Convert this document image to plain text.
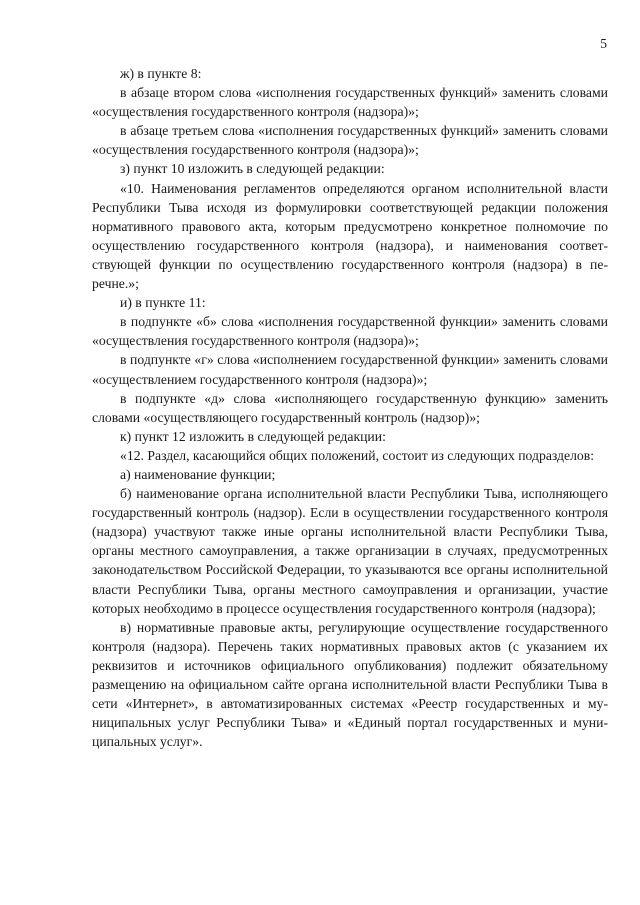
5

ж) в пункте 8:

в абзаце втором слова «исполнения государственных функций» заменить словами «осуществления государственного контроля (надзора)»;

в абзаце третьем слова «исполнения государственных функций» заменить словами «осуществления государственного контроля (надзора)»;

з) пункт 10 изложить в следующей редакции:

«10. Наименования регламентов определяются органом исполнительной власти Республики Тыва исходя из формулировки соответствующей редакции положения нормативного правового акта, которым предусмотрено конкретное полномочие по осуществлению государственного контроля (надзора), и наименования соответствующей функции по осуществлению государственного контроля (надзора) в перечне.»;

и) в пункте 11:

в подпункте «б» слова «исполнения государственной функции» заменить словами «осуществления государственного контроля (надзора)»;

в подпункте «г» слова «исполнением государственной функции» заменить словами «осуществлением государственного контроля (надзора)»;

в подпункте «д» слова «исполняющего государственную функцию» заменить словами «осуществляющего государственный контроль (надзор)»;

к) пункт 12 изложить в следующей редакции:

«12. Раздел, касающийся общих положений, состоит из следующих подразделов:

а) наименование функции;

б) наименование органа исполнительной власти Республики Тыва, исполняющего государственный контроль (надзор). Если в осуществлении государственного контроля (надзора) участвуют также иные органы исполнительной власти Республики Тыва, органы местного самоуправления, а также организации в случаях, предусмотренных законодательством Российской Федерации, то указываются все органы исполнительной власти Республики Тыва, органы местного самоуправления и организации, участие которых необходимо в процессе осуществления государственного контроля (надзора);

в) нормативные правовые акты, регулирующие осуществление государственного контроля (надзора). Перечень таких нормативных правовых актов (с указанием их реквизитов и источников официального опубликования) подлежит обязательному размещению на официальном сайте органа исполнительной власти Республики Тыва в сети «Интернет», в автоматизированных системах «Реестр государственных и муниципальных услуг Республики Тыва» и «Единый портал государственных и муниципальных услуг».
